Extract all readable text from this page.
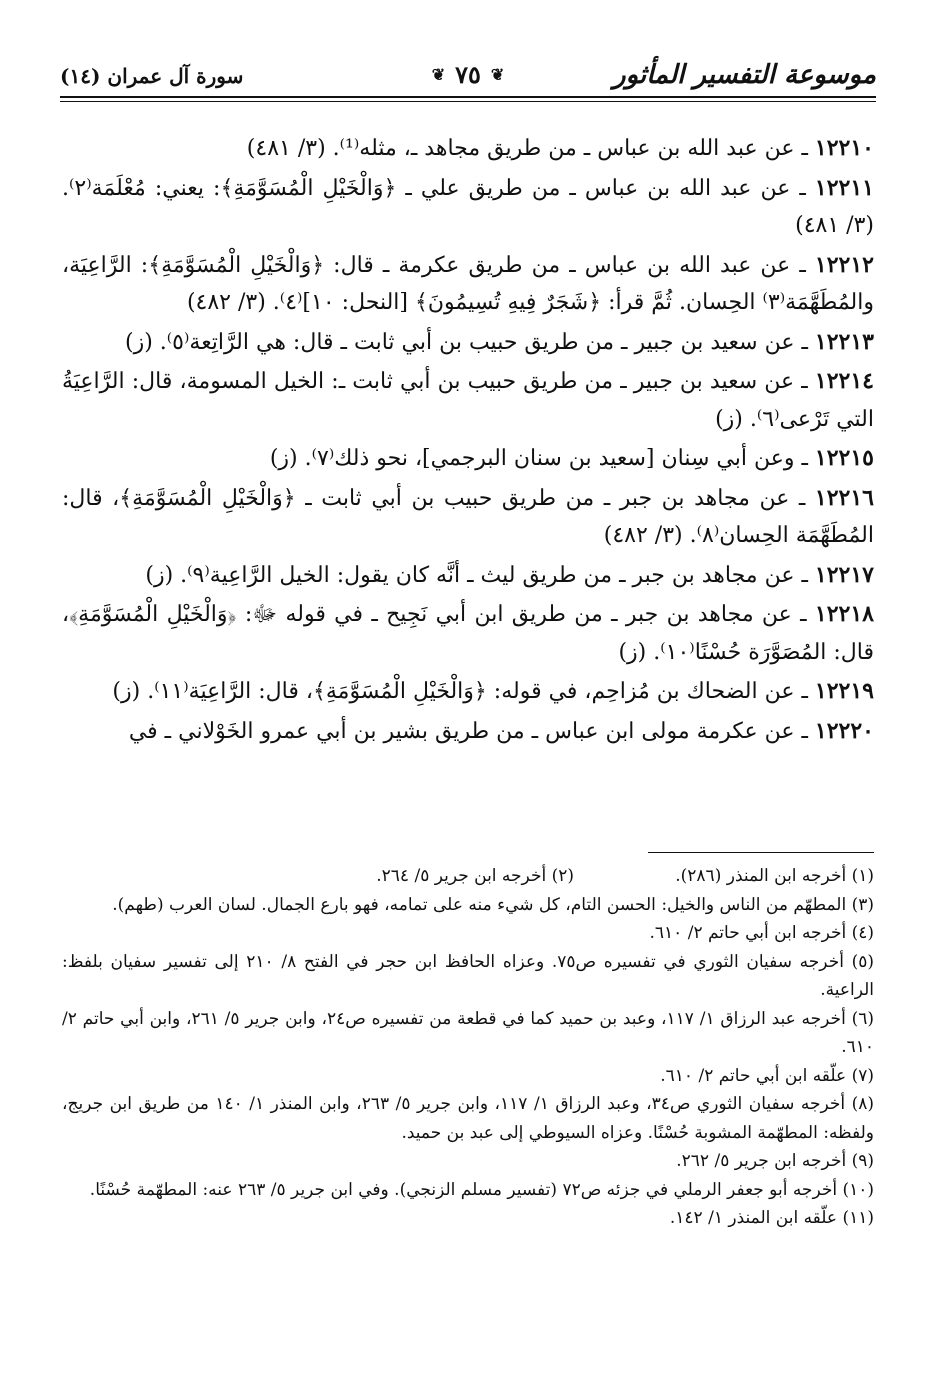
موسوعة التفسير المأثور
❦
٧٥
❦
سورة آل عمران (١٤)

١٢٢١٠ ـ عن عبد الله بن عباس ـ من طريق مجاهد ـ، مثله⁽¹⁾. (٣/ ٤٨١)

١٢٢١١ ـ عن عبد الله بن عباس ـ من طريق علي ـ ﴿وَالْخَيْلِ الْمُسَوَّمَةِ﴾: يعني: مُعْلَمَة⁽٢⁾. (٣/ ٤٨١)

١٢٢١٢ ـ عن عبد الله بن عباس ـ من طريق عكرمة ـ قال: ﴿وَالْخَيْلِ الْمُسَوَّمَةِ﴾: الرَّاعِيَة، والمُطَهَّمَة⁽٣⁾ الحِسان. ثُمَّ قرأ: ﴿شَجَرٌ فِيهِ تُسِيمُونَ﴾ [النحل: ١٠]⁽٤⁾. (٣/ ٤٨٢)

١٢٢١٣ ـ عن سعيد بن جبير ـ من طريق حبيب بن أبي ثابت ـ قال: هي الرَّاتِعة⁽٥⁾. (ز)

١٢٢١٤ ـ عن سعيد بن جبير ـ من طريق حبيب بن أبي ثابت ـ: الخيل المسومة، قال: الرَّاعِيَةُ التي تَرْعى⁽٦⁾. (ز)

١٢٢١٥ ـ وعن أبي سِنان [سعيد بن سنان البرجمي]، نحو ذلك⁽٧⁾. (ز)

١٢٢١٦ ـ عن مجاهد بن جبر ـ من طريق حبيب بن أبي ثابت ـ ﴿وَالْخَيْلِ الْمُسَوَّمَةِ﴾، قال: المُطَهَّمَة الحِسان⁽٨⁾. (٣/ ٤٨٢)

١٢٢١٧ ـ عن مجاهد بن جبر ـ من طريق ليث ـ أنَّه كان يقول: الخيل الرَّاعِية⁽٩⁾. (ز)

١٢٢١٨ ـ عن مجاهد بن جبر ـ من طريق ابن أبي نَجِيح ـ في قوله ﷻ: ﴿وَالْخَيْلِ الْمُسَوَّمَةِ﴾، قال: المُصَوَّرَة حُسْنًا⁽١٠⁾. (ز)

١٢٢١٩ ـ عن الضحاك بن مُزاحِم، في قوله: ﴿وَالْخَيْلِ الْمُسَوَّمَةِ﴾، قال: الرَّاعِيَة⁽١١⁾. (ز)

١٢٢٢٠ ـ عن عكرمة مولى ابن عباس ـ من طريق بشير بن أبي عمرو الخَوْلاني ـ في

(١) أخرجه ابن المنذر (٢٨٦).

(٢) أخرجه ابن جرير ٥/ ٢٦٤.

(٣) المطهّم من الناس والخيل: الحسن التام، كل شيء منه على تمامه، فهو بارع الجمال. لسان العرب (طهم).

(٤) أخرجه ابن أبي حاتم ٢/ ٦١٠.

(٥) أخرجه سفيان الثوري في تفسيره ص٧٥. وعزاه الحافظ ابن حجر في الفتح ٨/ ٢١٠ إلى تفسير سفيان بلفظ: الراعية.

(٦) أخرجه عبد الرزاق ١/ ١١٧، وعبد بن حميد كما في قطعة من تفسيره ص٢٤، وابن جرير ٥/ ٢٦١، وابن أبي حاتم ٢/ ٦١٠.

(٧) علّقه ابن أبي حاتم ٢/ ٦١٠.

(٨) أخرجه سفيان الثوري ص٣٤، وعبد الرزاق ١/ ١١٧، وابن جرير ٥/ ٢٦٣، وابن المنذر ١/ ١٤٠ من طريق ابن جريج، ولفظه: المطهّمة المشوبة حُسْنًا. وعزاه السيوطي إلى عبد بن حميد.

(٩) أخرجه ابن جرير ٥/ ٢٦٢.

(١٠) أخرجه أبو جعفر الرملي في جزئه ص٧٢ (تفسير مسلم الزنجي). وفي ابن جرير ٥/ ٢٦٣ عنه: المطهّمة حُسْنًا.

(١١) علّقه ابن المنذر ١/ ١٤٢.
